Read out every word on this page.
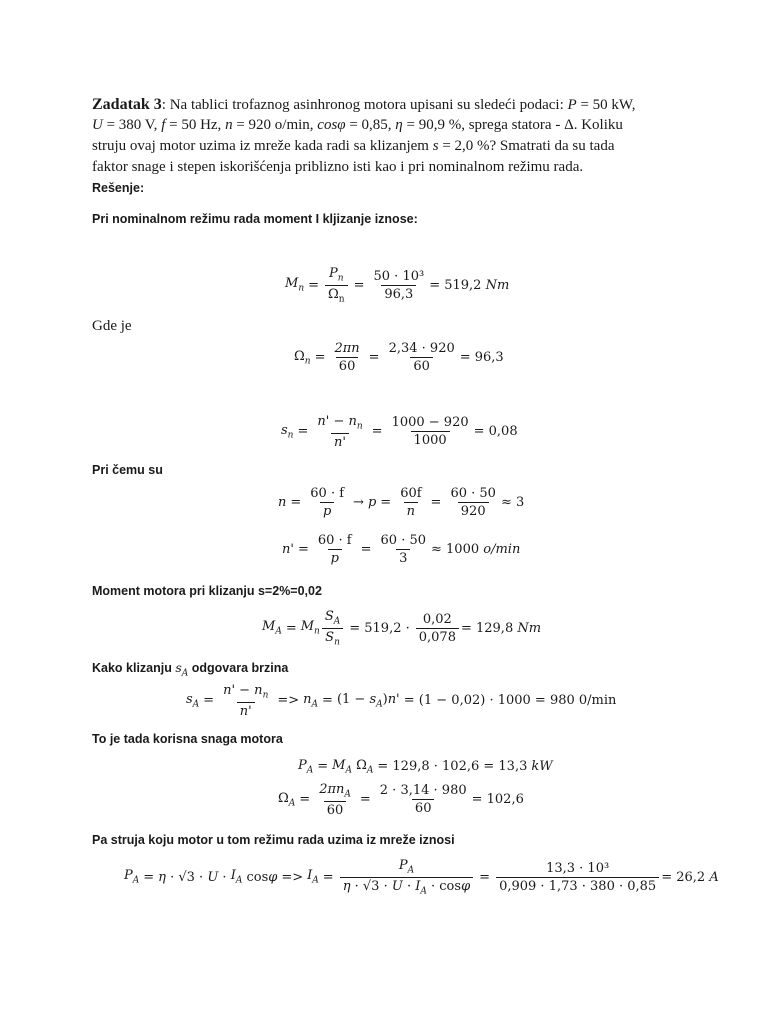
Zadatak 3: Na tablici trofaznog asinhronog motora upisani su sledeći podaci: P = 50 kW,
U = 380 V, f = 50 Hz, n = 920 o/min, cosφ = 0,85, η = 90,9 %, sprega statora - Δ. Koliku
struju ovaj motor uzima iz mreže kada radi sa klizanjem s = 2,0 %? Smatrati da su tada
faktor snage i stepen iskorišćenja priblizno isti kao i pri nominalnom režimu rada.
Rešenje:
Pri nominalnom režimu rada moment I kljizanje iznose:
$M_n = \frac{P_n}{\Omega_n} = \frac{\text{50 · 10³}}{96,3} = 519,2$
Nm
Gde je
$\Omega_n = \frac{2\pi n}{60} = \frac{2,34 \cdot 920}{60} = 96,3$
$s_n = \frac{n' - n_n}{n'} = \frac{1000 - 920}{1000} = 0,08$
Pri čemu su
$n = \frac{60 \cdot f}{p} \to p = \frac{60f}{n} = \frac{60 \cdot 50}{920} \approx 3$
$n' = \frac{60 \cdot f}{p} = \frac{60 \cdot 50}{3} \approx 1000$
o/min
Moment motora pri klizanju s=2%=0,02
$M_A = M_n \frac{S_A}{S_n} = 519,2 \cdot \frac{0,02}{0,078} = 129,8$
Nm
Kako klizanju $s_A$ odgovara brzina
$s_A = \frac{n' - n_n}{n'} => n_A = (1 - s_A)n' = (1 - 0,02) \cdot 1000 = 980$ 0/min
To je tada korisna snaga motora
$P_A = M_A$
$\Omega_A = 129,8 \cdot 102,6 = 13,3$ kW
$\Omega_A = \frac{2\pi n_A}{60} = \frac{2 \cdot 3,14 \cdot 980}{60} = 102,6$
Pa struja koju motor u tom režimu rada uzima iz mreže iznosi
$P_A = \eta \cdot √3 \cdot U \cdot I_A$ $\cos \varphi => I_A = \frac{P_A}{\eta \cdot √3 \cdot U \cdot I_A \cdot \cos\varphi} = \frac{\text{13,3 · 10³}}{0,909 \cdot 1,73 \cdot 380 \cdot 0,85} = 26,2$
A
